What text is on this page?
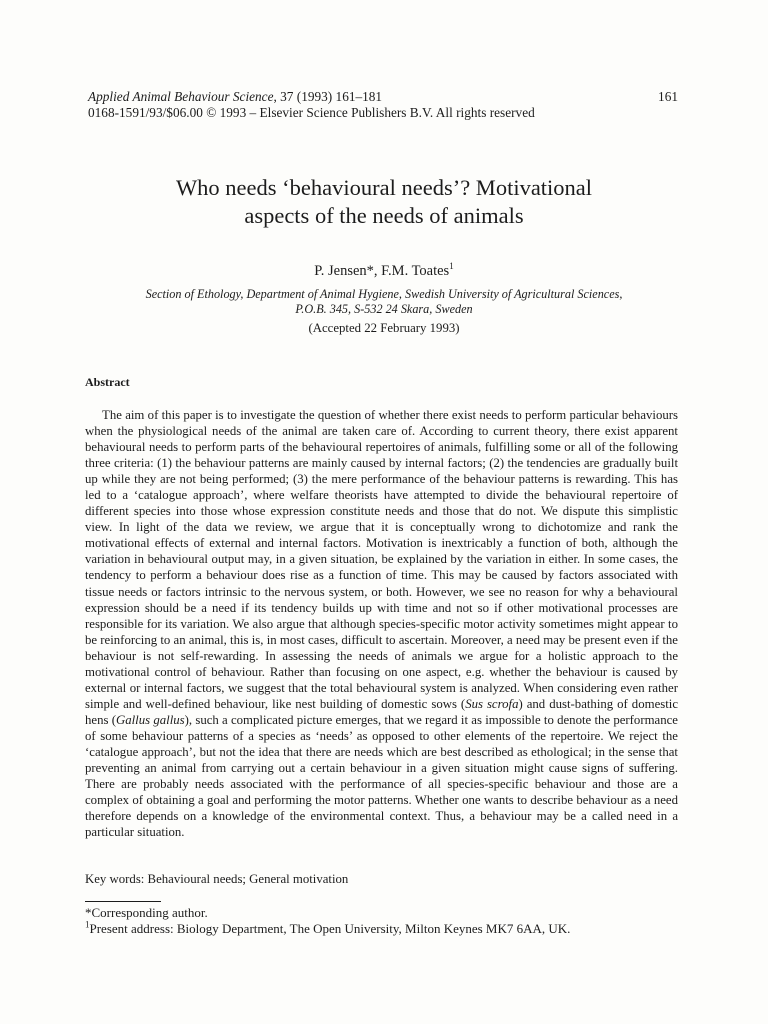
Applied Animal Behaviour Science, 37 (1993) 161–181	161
0168-1591/93/$06.00 © 1993 – Elsevier Science Publishers B.V. All rights reserved
Who needs ‘behavioural needs’? Motivational
aspects of the needs of animals
P. Jensen*, F.M. Toates$^1$
Section of Ethology, Department of Animal Hygiene, Swedish University of Agricultural Sciences,
P.O.B. 345, S-532 24 Skara, Sweden
(Accepted 22 February 1993)
Abstract

The aim of this paper is to investigate the question of whether there exist needs to perform particular behaviours when the physiological needs of the animal are taken care of. According to current theory, there exist apparent behavioural needs to perform parts of the behavioural repertoires of animals, fulfilling some or all of the following three criteria: (1) the behaviour patterns are mainly caused by internal factors; (2) the tendencies are gradually built up while they are not being performed; (3) the mere performance of the behaviour patterns is rewarding. This has led to a ‘catalogue approach’, where welfare theorists have attempted to divide the behavioural repertoire of different species into those whose expression constitute needs and those that do not. We dispute this simplistic view. In light of the data we review, we argue that it is conceptually wrong to dichotomize and rank the motivational effects of external and internal factors. Motivation is inextricably a function of both, although the variation in behavioural output may, in a given situation, be explained by the variation in either. In some cases, the tendency to perform a behaviour does rise as a function of time. This may be caused by factors associated with tissue needs or factors intrinsic to the nervous system, or both. However, we see no reason for why a behavioural expression should be a need if its tendency builds up with time and not so if other motivational processes are responsible for its variation. We also argue that although species-specific motor activity sometimes might appear to be reinforcing to an animal, this is, in most cases, difficult to ascertain. Moreover, a need may be present even if the behaviour is not self-rewarding. In assessing the needs of animals we argue for a holistic approach to the motivational control of behaviour. Rather than focusing on one aspect, e.g. whether the behaviour is caused by external or internal factors, we suggest that the total behavioural system is analyzed. When considering even rather simple and well-defined behaviour, like nest building of domestic sows (Sus scrofa) and dust-bathing of domestic hens (Gallus gallus), such a complicated picture emerges, that we regard it as impossible to denote the performance of some behaviour patterns of a species as ‘needs’ as opposed to other elements of the repertoire. We reject the ‘catalogue approach’, but not the idea that there are needs which are best described as ethological; in the sense that preventing an animal from carrying out a certain behaviour in a given situation might cause signs of suffering. There are probably needs associated with the performance of all species-specific behaviour and those are a complex of obtaining a goal and performing the motor patterns. Whether one wants to describe behaviour as a need therefore depends on a knowledge of the environmental context. Thus, a behaviour may be a called need in a particular situation.

Key words: Behavioural needs; General motivation
*Corresponding author.
$^1$Present address: Biology Department, The Open University, Milton Keynes MK7 6AA, UK.
